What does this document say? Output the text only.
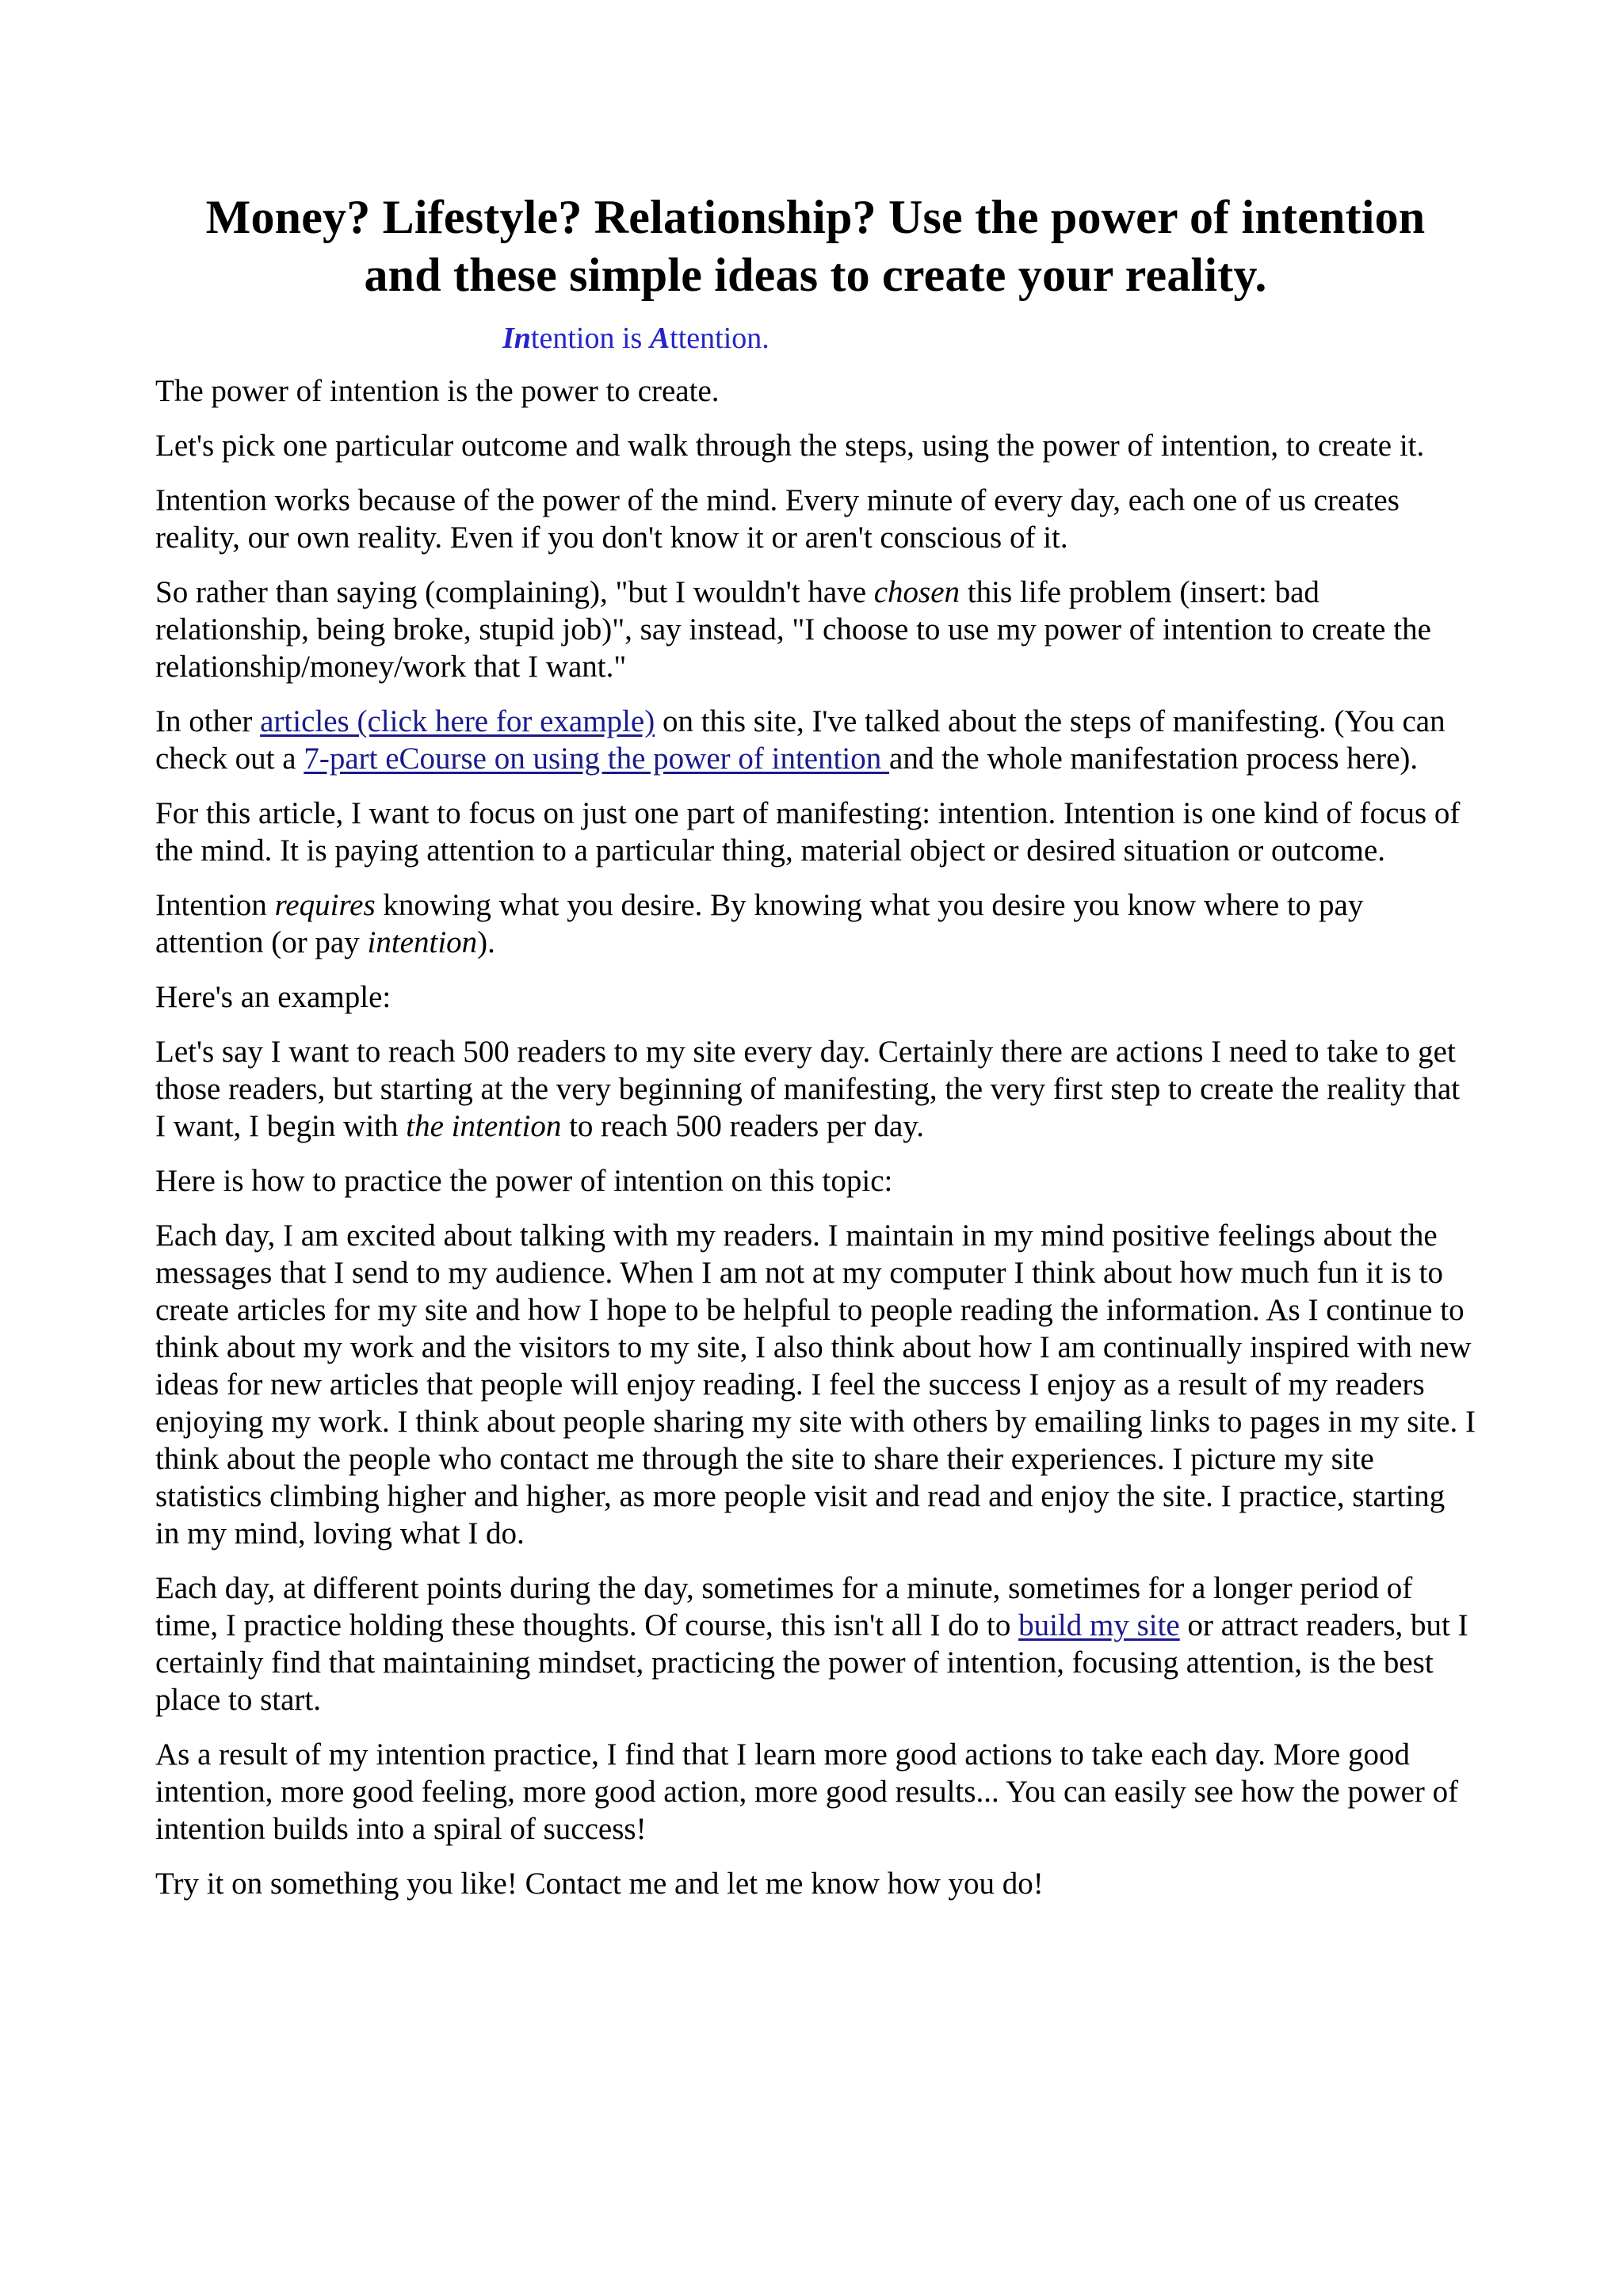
Money? Lifestyle? Relationship? Use the power of intention
and these simple ideas to create your reality.
Intention is Attention.

The power of intention is the power to create.

Let's pick one particular outcome and walk through the steps, using the power of intention, to create it.

Intention works because of the power of the mind. Every minute of every day, each one of us creates reality, our own reality. Even if you don't know it or aren't conscious of it.

So rather than saying (complaining), "but I wouldn't have chosen this life problem (insert: bad relationship, being broke, stupid job)", say instead, "I choose to use my power of intention to create the relationship/money/work that I want."

In other articles (click here for example) on this site, I've talked about the steps of manifesting. (You can check out a 7-part eCourse on using the power of intention and the whole manifestation process here).

For this article, I want to focus on just one part of manifesting: intention. Intention is one kind of focus of the mind. It is paying attention to a particular thing, material object or desired situation or outcome.

Intention requires knowing what you desire. By knowing what you desire you know where to pay attention (or pay intention).

Here's an example:

Let's say I want to reach 500 readers to my site every day. Certainly there are actions I need to take to get those readers, but starting at the very beginning of manifesting, the very first step to create the reality that I want, I begin with the intention to reach 500 readers per day.

Here is how to practice the power of intention on this topic:

Each day, I am excited about talking with my readers. I maintain in my mind positive feelings about the messages that I send to my audience. When I am not at my computer I think about how much fun it is to create articles for my site and how I hope to be helpful to people reading the information. As I continue to think about my work and the visitors to my site, I also think about how I am continually inspired with new ideas for new articles that people will enjoy reading. I feel the success I enjoy as a result of my readers enjoying my work. I think about people sharing my site with others by emailing links to pages in my site. I think about the people who contact me through the site to share their experiences. I picture my site statistics climbing higher and higher, as more people visit and read and enjoy the site. I practice, starting in my mind, loving what I do.

Each day, at different points during the day, sometimes for a minute, sometimes for a longer period of time, I practice holding these thoughts. Of course, this isn't all I do to build my site or attract readers, but I certainly find that maintaining mindset, practicing the power of intention, focusing attention, is the best place to start.

As a result of my intention practice, I find that I learn more good actions to take each day. More good intention, more good feeling, more good action, more good results... You can easily see how the power of intention builds into a spiral of success!

Try it on something you like! Contact me and let me know how you do!
